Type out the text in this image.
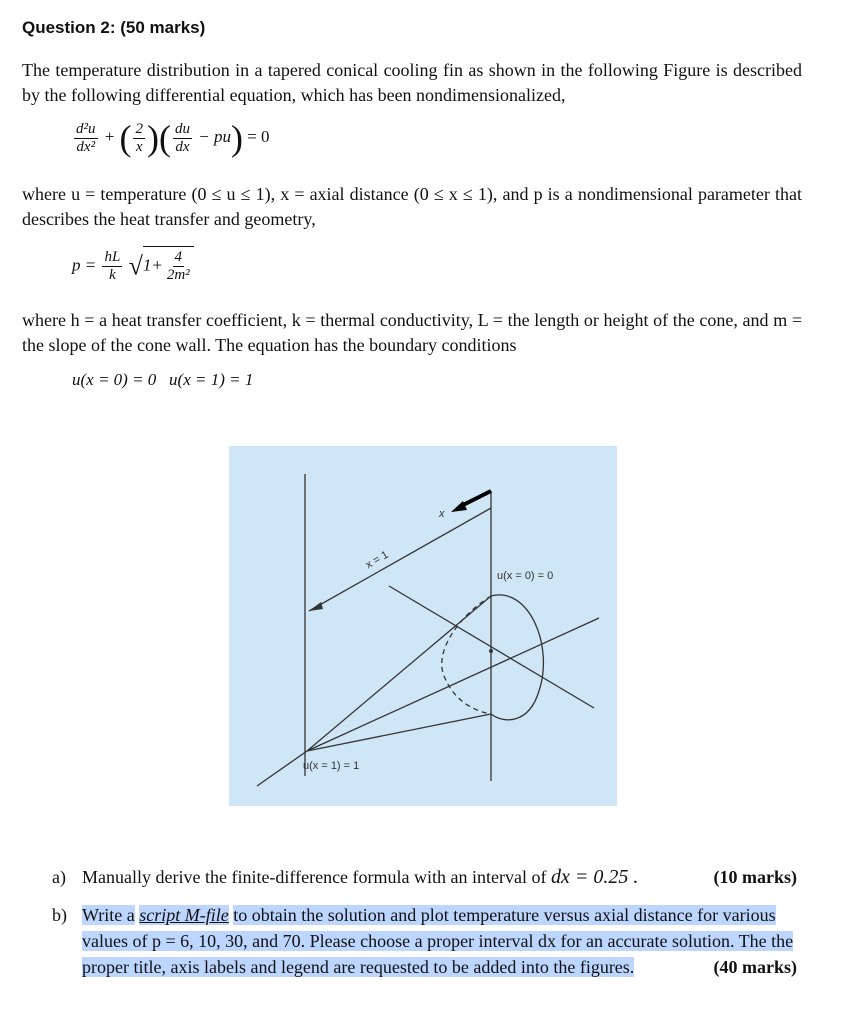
Question 2: (50 marks)
The temperature distribution in a tapered conical cooling fin as shown in the following Figure is described by the following differential equation, which has been nondimensionalized,
$\frac{\text{d²u}}{\text{dx²}}$ + ( $\frac{2}{x}$ )( $\frac{du}{dx} - pu) = 0$
where u = temperature (0 ≤ u ≤ 1), x = axial distance (0 ≤ x ≤ 1), and p is a nondimensional parameter that describes the heat transfer and geometry,
$p = \frac{hL}{k} √1+ \frac{4}{\text{2m²}}$
where h = a heat transfer coefficient, k = thermal conductivity, L = the length or height of the cone, and m = the slope of the cone wall. The equation has the boundary conditions
u(x = 0) = 0   u(x = 1) = 1
x = 1
x
u(x = 0) = 0
u(x = 1) = 1
a) Manually derive the finite-difference formula with an interval of dx = 0.25 .	(10 marks)
b) Write a script M-file to obtain the solution and plot temperature versus axial distance for various values of p = 6, 10, 30, and 70. Please choose a proper interval dx for an accurate solution. The the proper title, axis labels and legend are requested to be added into the figures.	(40 marks)
